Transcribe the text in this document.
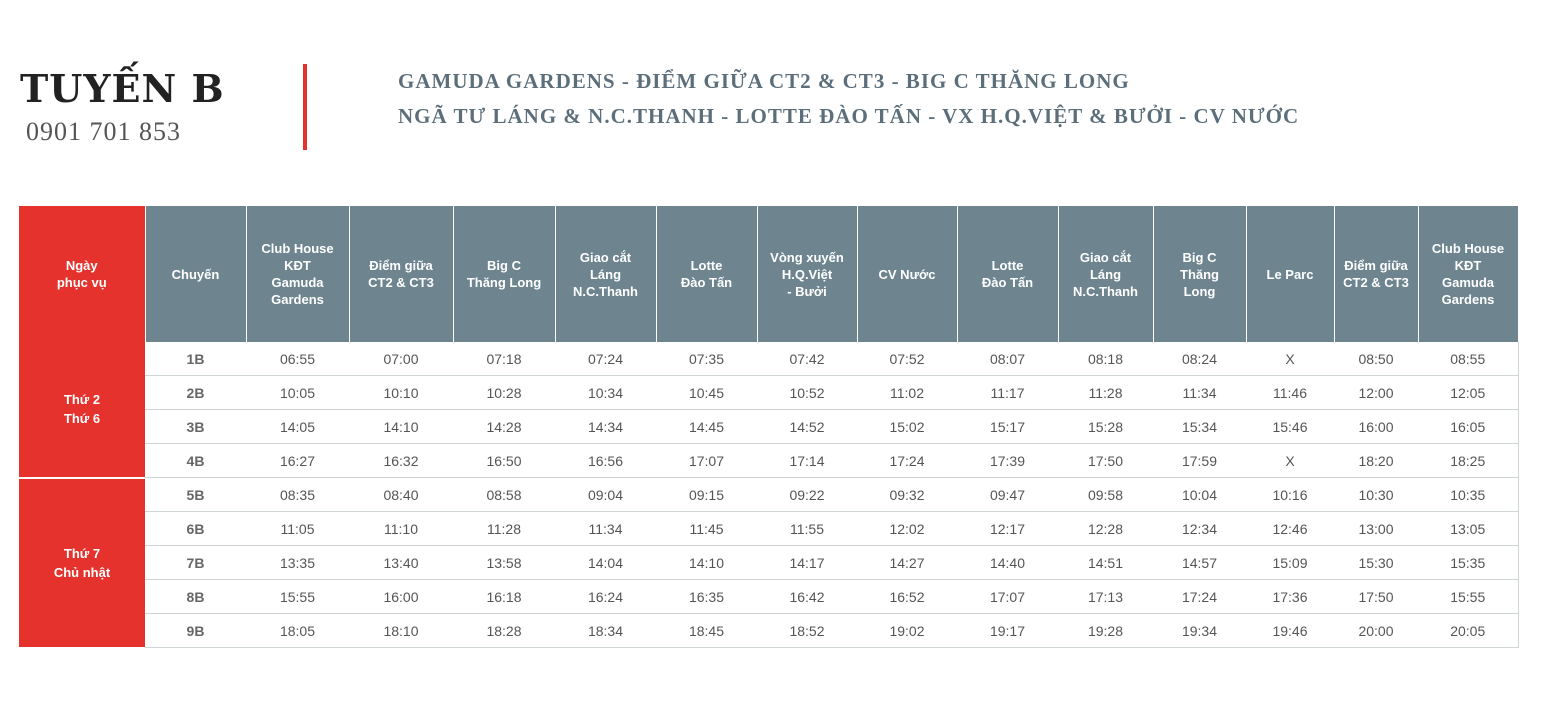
TUYẾN B
0901 701 853
GAMUDA GARDENS - ĐIỂM GIỮA CT2 & CT3 - BIG C THĂNG LONG
NGÃ TƯ LÁNG & N.C.THANH - LOTTE ĐÀO TẤN - VX H.Q.VIỆT & BƯỞI - CV NƯỚC
Ngày
phục vụ	Chuyến	Club House
KĐT
Gamuda
Gardens	Điểm giữa
CT2 & CT3	Big C
Thăng Long	Giao cắt
Láng
N.C.Thanh	Lotte
Đào Tấn	Vòng xuyến
H.Q.Việt
- Bưởi	CV Nước	Lotte
Đào Tấn	Giao cắt
Láng
N.C.Thanh	Big C
Thăng
Long	Le Parc	Điểm giữa
CT2 & CT3	Club House
KĐT
Gamuda
Gardens
Thứ 2
Thứ 6	1B	06:55	07:00	07:18	07:24	07:35	07:42	07:52	08:07	08:18	08:24	X	08:50	08:55
	2B	10:05	10:10	10:28	10:34	10:45	10:52	11:02	11:17	11:28	11:34	11:46	12:00	12:05
	3B	14:05	14:10	14:28	14:34	14:45	14:52	15:02	15:17	15:28	15:34	15:46	16:00	16:05
	4B	16:27	16:32	16:50	16:56	17:07	17:14	17:24	17:39	17:50	17:59	X	18:20	18:25
Thứ 7
Chủ nhật	5B	08:35	08:40	08:58	09:04	09:15	09:22	09:32	09:47	09:58	10:04	10:16	10:30	10:35
	6B	11:05	11:10	11:28	11:34	11:45	11:55	12:02	12:17	12:28	12:34	12:46	13:00	13:05
	7B	13:35	13:40	13:58	14:04	14:10	14:17	14:27	14:40	14:51	14:57	15:09	15:30	15:35
	8B	15:55	16:00	16:18	16:24	16:35	16:42	16:52	17:07	17:13	17:24	17:36	17:50	15:55
	9B	18:05	18:10	18:28	18:34	18:45	18:52	19:02	19:17	19:28	19:34	19:46	20:00	20:05
